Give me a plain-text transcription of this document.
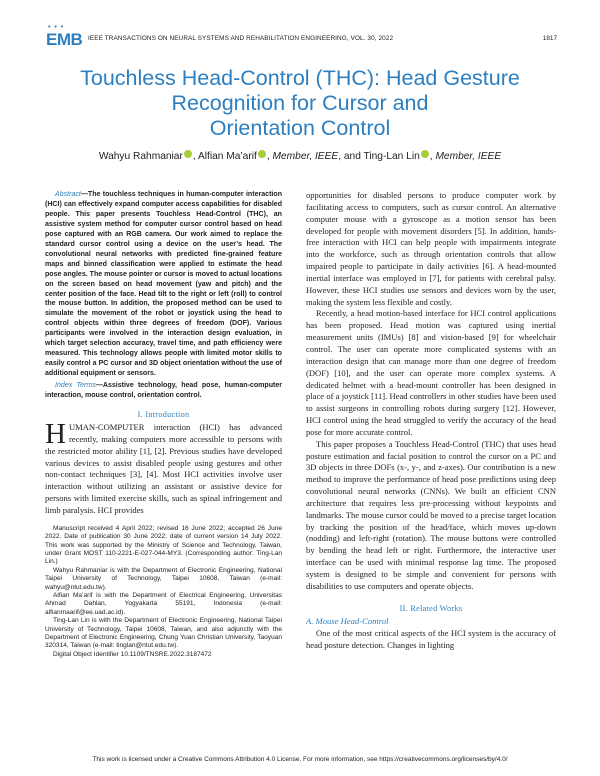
• • •
EMB IEEE TRANSACTIONS ON NEURAL SYSTEMS AND REHABILITATION ENGINEERING, VOL. 30, 2022	1817
Touchless Head-Control (THC): Head Gesture
Recognition for Cursor and
Orientation Control
Wahyu Rahmaniar , Alfian Ma’arif , Member, IEEE, and Ting-Lan Lin , Member, IEEE
Abstract—The touchless techniques in human-computer interaction (HCI) can effectively expand computer access capabilities for disabled people. This paper presents Touchless Head-Control (THC), an assistive system method for computer cursor control based on head pose captured with an RGB camera. Our work aimed to replace the standard cursor control using a device on the user’s head. The convolutional neural networks with predicted fine-grained feature maps and binned classification were applied to estimate the head pose angles. The mouse pointer or cursor is moved to actual locations on the screen based on head movement (yaw and pitch) and the center position of the face. Head tilt to the right or left (roll) to control the mouse button. In addition, the proposed method can be used to simulate the movement of the robot or joystick using the head to control objects within three degrees of freedom (DOF). Various participants were involved in the interaction design evaluation, in which target selection accuracy, travel time, and path efficiency were measured. This technology allows people with limited motor skills to easily control a PC cursor and 3D object orientation without the use of additional equipment or sensors.
Index Terms—Assistive technology, head pose, human-computer interaction, mouse control, orientation control.
I. Introduction
HUMAN-COMPUTER interaction (HCI) has advanced recently, making computers more accessible to persons with the restricted motor ability [1], [2]. Previous studies have developed various devices to assist disabled people using gestures and other non-contact techniques [3], [4]. Most HCI activities involve user interaction without utilizing an assistant or assistive device for persons with limited exercise skills, such as spinal infringement and limb paralysis. HCI provides

Manuscript received 4 April 2022; revised 16 June 2022; accepted 26 June 2022. Date of publication 30 June 2022; date of current version 14 July 2022. This work was supported by the Ministry of Science and Technology, Taiwan, under Grant MOST 110-2221-E-027-044-MY3. (Corresponding author: Ting-Lan Lin.)

Wahyu Rahmaniar is with the Department of Electronic Engineering, National Taipei University of Technology, Taipei 10608, Taiwan (e-mail: wahyu@ntut.edu.tw).

Alfian Ma’arif is with the Department of Electrical Engineering, Universitas Ahmad Dahlan, Yogyakarta 55191, Indonesia (e-mail: alfianmaarif@ee.uad.ac.id).

Ting-Lan Lin is with the Department of Electronic Engineering, National Taipei University of Technology, Taipei 10608, Taiwan, and also adjunctly with the Department of Electronic Engineering, Chung Yuan Christian University, Taoyuan 320314, Taiwan (e-mail: tinglan@ntut.edu.tw).

Digital Object Identifier 10.1109/TNSRE.2022.3187472

opportunities for disabled persons to produce computer work by facilitating access to computers, such as cursor control. An alternative computer mouse with a gyroscope as a motion sensor has been developed for people with movement disorders [5]. In addition, hands-free interaction with HCI can help people with impairments integrate into the workforce, such as through orientation controls that allow impaired people to participate in daily activities [6]. A head-mounted inertial interface was employed in [7], for patients with cerebral palsy. However, these HCI studies use sensors and devices worn by the user, making the system less flexible and costly.

Recently, a head motion-based interface for HCI control applications has been proposed. Head motion was captured using inertial measurement units (IMUs) [8] and vision-based [9] for wheelchair control. The user can operate more complicated systems with an interaction design that can manage more than one degree of freedom (DOF) [10], and the user can operate more complex systems. A dedicated helmet with a head-mount controller has been designed in place of a joystick [11]. Head controllers in other studies have been used to assist surgeons in controlling robots during surgery [12]. However, HCI control using the head struggled to verify the accuracy of the head pose for more accurate control.

This paper proposes a Touchless Head-Control (THC) that uses head posture estimation and facial position to control the cursor on a PC and 3D objects in three DOFs (x-, y-, and z-axes). Our contribution is a new method to improve the performance of head pose predictions using deep convolutional neural networks (CNNs). We built an efficient CNN architecture that requires less pre-processing without keypoints and landmarks. The mouse cursor could be moved to a precise target location by tracking the position of the head/face, which moves up-down (nodding) and left-right (rotation). The mouse buttons were controlled by bending the head left or right. Furthermore, the interactive user interface can be used with minimal response lag time. The proposed system is designed to be simple and convenient for persons with disabilities to use computers and operate objects.

II. Related Works
A. Mouse Head-Control

One of the most critical aspects of the HCI system is the accuracy of head posture detection. Changes in lighting

This work is licensed under a Creative Commons Attribution 4.0 License. For more information, see https://creativecommons.org/licenses/by/4.0/
